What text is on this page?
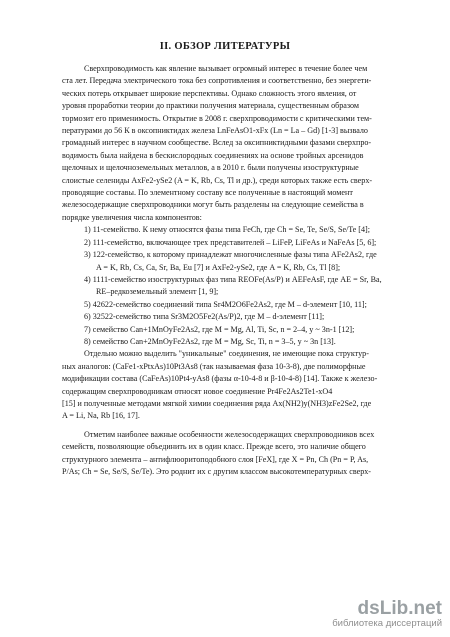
II. ОБЗОР ЛИТЕРАТУРЫ
Сверхпроводимость как явление вызывает огромный интерес в течение более чем
ста лет. Передача электрического тока без сопротивления и соответственно, без энергети-
ческих потерь открывает широкие перспективы. Однако сложность этого явления, от
уровня проработки теории до практики получения материала, существенным образом
тормозит его применимость. Открытие в 2008 г. сверхпроводимости с критическими тем-
пературами до 56 К в оксопниктидах железа LnFeAsO1-xFx (Ln = La – Gd) [1-3] вызвало
громадный интерес в научном сообществе. Вслед за оксипниктидными фазами сверхпро-
водимость была найдена в бескислородных соединениях на основе тройных арсенидов
щелочных и щелочноземельных металлов, а в 2010 г. были получены изоструктурные
слоистые селениды AxFe2-ySe2 (A = K, Rb, Cs, Tl и др.), среди которых также есть сверх-
проводящие составы. По элементному составу все полученные в настоящий момент
железосодержащие сверхпроводники могут быть разделены на следующие семейства в
порядке увеличения числа компонентов:
1) 11-семейство. К нему относятся фазы типа FeCh, где Ch = Se, Te, Se/S, Se/Te [4];
2) 111-семейство, включающее трех представителей – LiFeP, LiFeAs и NaFeAs [5, 6];
3) 122-семейство, к которому принадлежат многочисленные фазы типа AFe2As2, где
A = K, Rb, Cs, Ca, Sr, Ba, Eu [7] и AxFe2-ySe2, где A = K, Rb, Cs, Tl [8];
4) 1111-семейство изоструктурных фаз типа REOFe(As/P) и AEFeAsF, где AE = Sr, Ba,
RE–редкоземельный элемент [1, 9];
5) 42622-семейство соединений типа Sr4M2O6Fe2As2, где M – d-элемент [10, 11];
6) 32522-семейство типа Sr3M2O5Fe2(As/P)2, где M – d-элемент [11];
7) семейство Can+1MnOyFe2As2, где M = Mg, Al, Ti, Sc, n = 2–4, y ~ 3n-1 [12];
8) семейство Can+2MnOyFe2As2, где M = Mg, Sc, Ti, n = 3–5, y ~ 3n [13].
Отдельно можно выделить "уникальные" соединения, не имеющие пока структур-
ных аналогов: (CaFe1-xPtxAs)10Pt3As8 (так называемая фаза 10-3-8), две полиморфные
модификации состава (CaFeAs)10Pt4-yAs8 (фазы α-10-4-8 и β-10-4-8) [14]. Также к железо-
содержащим сверхпроводникам относят новое соединение Pr4Fe2As2Te1-xO4
[15] и полученные методами мягкой химии соединения ряда Ax(NH2)y(NH3)zFe2Se2, где
A = Li, Na, Rb [16, 17].
Отметим наиболее важные особенности железосодержащих сверхпроводников всех
семейств, позволяющие объединить их в один класс. Прежде всего, это наличие общего
структурного элемента – антифлюоритоподобного слоя [FeX], где X = Pn, Ch (Pn = P, As,
P/As; Ch = Se, Se/S, Se/Te). Это роднит их с другим классом высокотемпературных сверх-
dsLib.net
библиотека диссертаций
